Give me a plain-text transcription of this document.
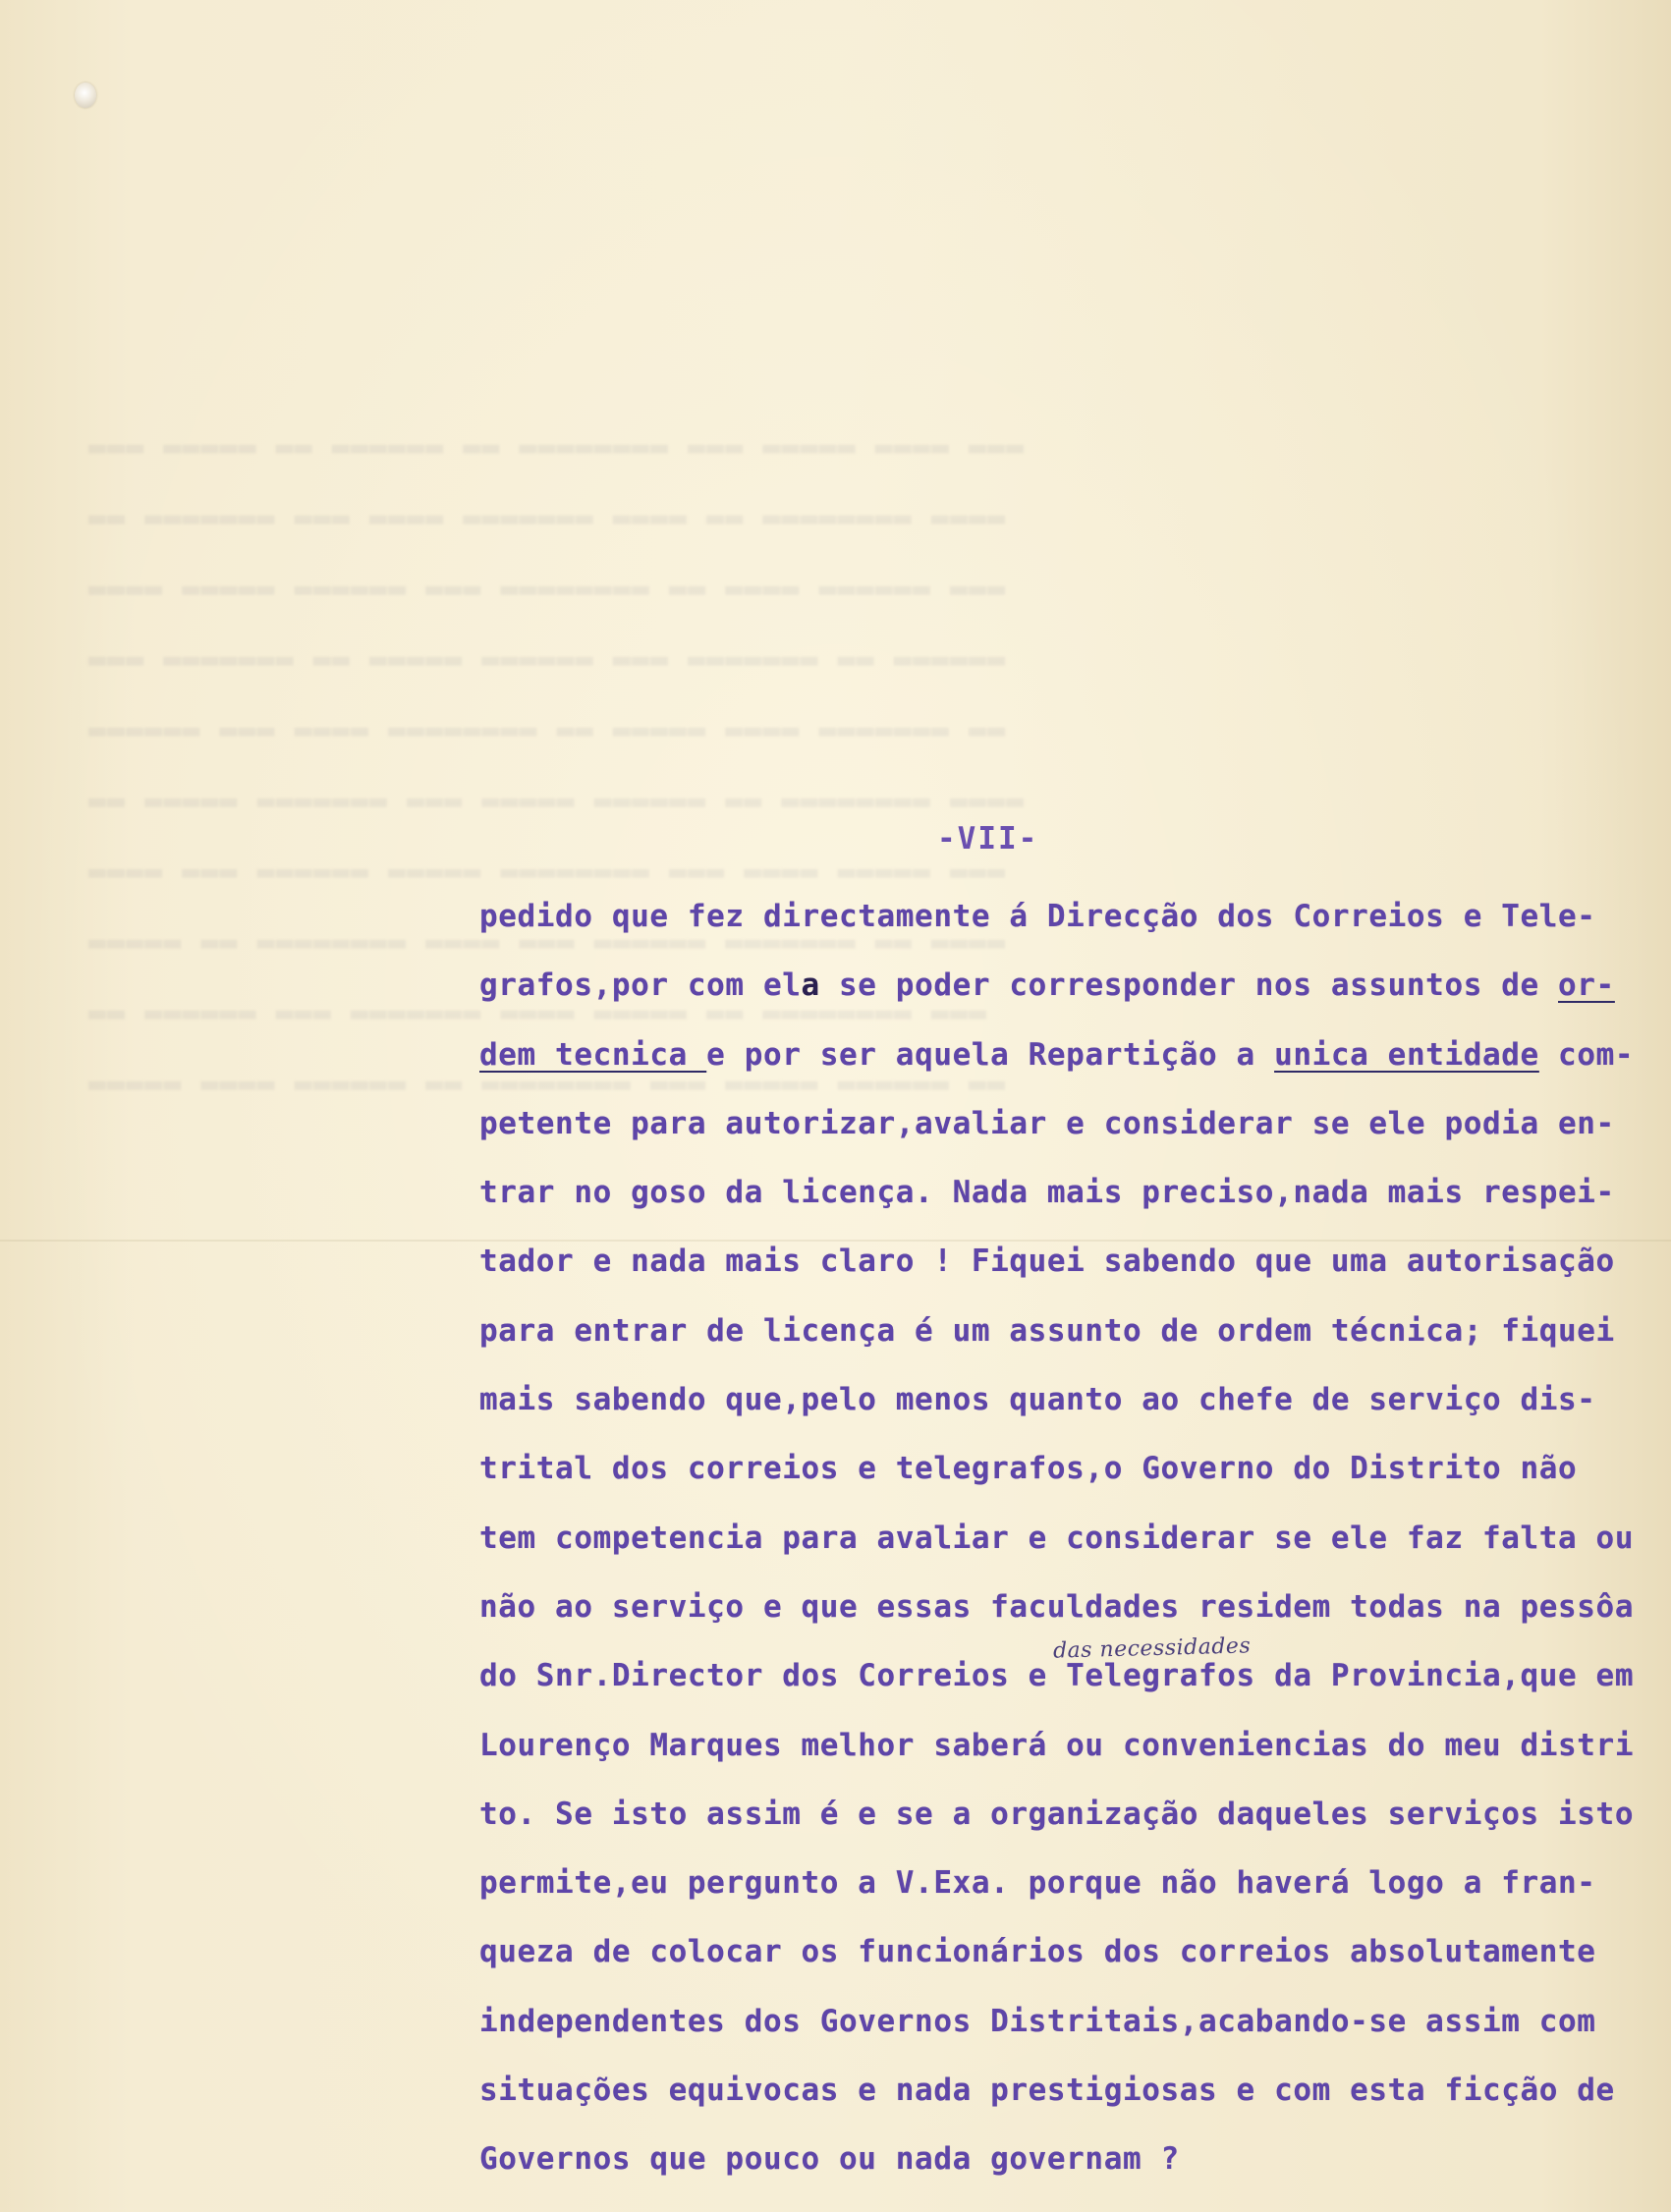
▬▬▬ ▬▬▬▬▬ ▬▬ ▬▬▬▬▬▬ ▬▬ ▬▬▬▬▬▬▬▬ ▬▬▬ ▬▬▬▬▬ ▬▬▬▬ ▬▬▬
▬▬ ▬▬▬▬▬▬▬ ▬▬▬ ▬▬▬▬ ▬▬▬▬▬▬▬ ▬▬▬▬ ▬▬ ▬▬▬▬▬▬▬▬ ▬▬▬▬
▬▬▬▬ ▬▬▬▬▬ ▬▬▬▬▬▬ ▬▬▬ ▬▬▬▬▬▬▬▬ ▬▬ ▬▬▬▬ ▬▬▬▬▬▬ ▬▬▬
▬▬▬ ▬▬▬▬▬▬▬ ▬▬ ▬▬▬▬▬ ▬▬▬▬▬▬ ▬▬▬ ▬▬▬▬▬▬▬ ▬▬ ▬▬▬▬▬▬
▬▬▬▬▬▬ ▬▬▬ ▬▬▬▬ ▬▬▬▬▬▬▬▬ ▬▬ ▬▬▬▬▬ ▬▬▬▬ ▬▬▬▬▬▬▬ ▬▬
▬▬ ▬▬▬▬▬ ▬▬▬▬▬▬▬ ▬▬▬ ▬▬▬▬▬ ▬▬▬▬▬▬ ▬▬ ▬▬▬▬▬▬▬▬ ▬▬▬▬
▬▬▬▬ ▬▬▬ ▬▬▬▬▬▬ ▬▬▬▬▬ ▬▬▬▬▬▬▬▬ ▬▬▬ ▬▬▬▬ ▬▬▬▬▬ ▬▬▬
▬▬▬▬▬ ▬▬ ▬▬▬▬▬▬▬▬ ▬▬▬▬ ▬▬▬ ▬▬▬▬▬▬ ▬▬▬▬▬▬▬ ▬▬ ▬▬▬▬
▬▬ ▬▬▬▬▬▬ ▬▬▬ ▬▬▬▬▬▬▬ ▬▬▬▬ ▬▬▬▬▬ ▬▬ ▬▬▬▬▬▬▬▬ ▬▬▬
▬▬▬▬▬ ▬▬▬▬ ▬▬▬▬▬▬ ▬▬ ▬▬▬▬▬▬▬▬ ▬▬▬ ▬▬▬▬▬ ▬▬▬▬▬▬ ▬▬

-VII-

pedido que fez directamente á Direcção dos Correios e Tele-
grafos,por com ela se poder corresponder nos assuntos de or-
dem tecnica e por ser aquela Repartição a unica entidade com-
petente para autorizar,avaliar e considerar se ele podia en-
trar no goso da licença. Nada mais preciso,nada mais respei-
tador e nada mais claro ! Fiquei sabendo que uma autorisação
para entrar de licença é um assunto de ordem técnica; fiquei
mais sabendo que,pelo menos quanto ao chefe de serviço dis-
trital dos correios e telegrafos,o Governo do Distrito não
tem competencia para avaliar e considerar se ele faz falta ou
não ao serviço e que essas faculdades residem todas na pessôa
do Snr.Director dos Correios e Telegrafos da Provincia,que em
Lourenço Marques melhor saberá ou conveniencias do meu distri
to. Se isto assim é e se a organização daqueles serviços isto
permite,eu pergunto a V.Exa. porque não haverá logo a fran-
queza de colocar os funcionários dos correios absolutamente
independentes dos Governos Distritais,acabando-se assim com
situações equivocas e nada prestigiosas e com esta ficção de
Governos que pouco ou nada governam ?

das necessidades
